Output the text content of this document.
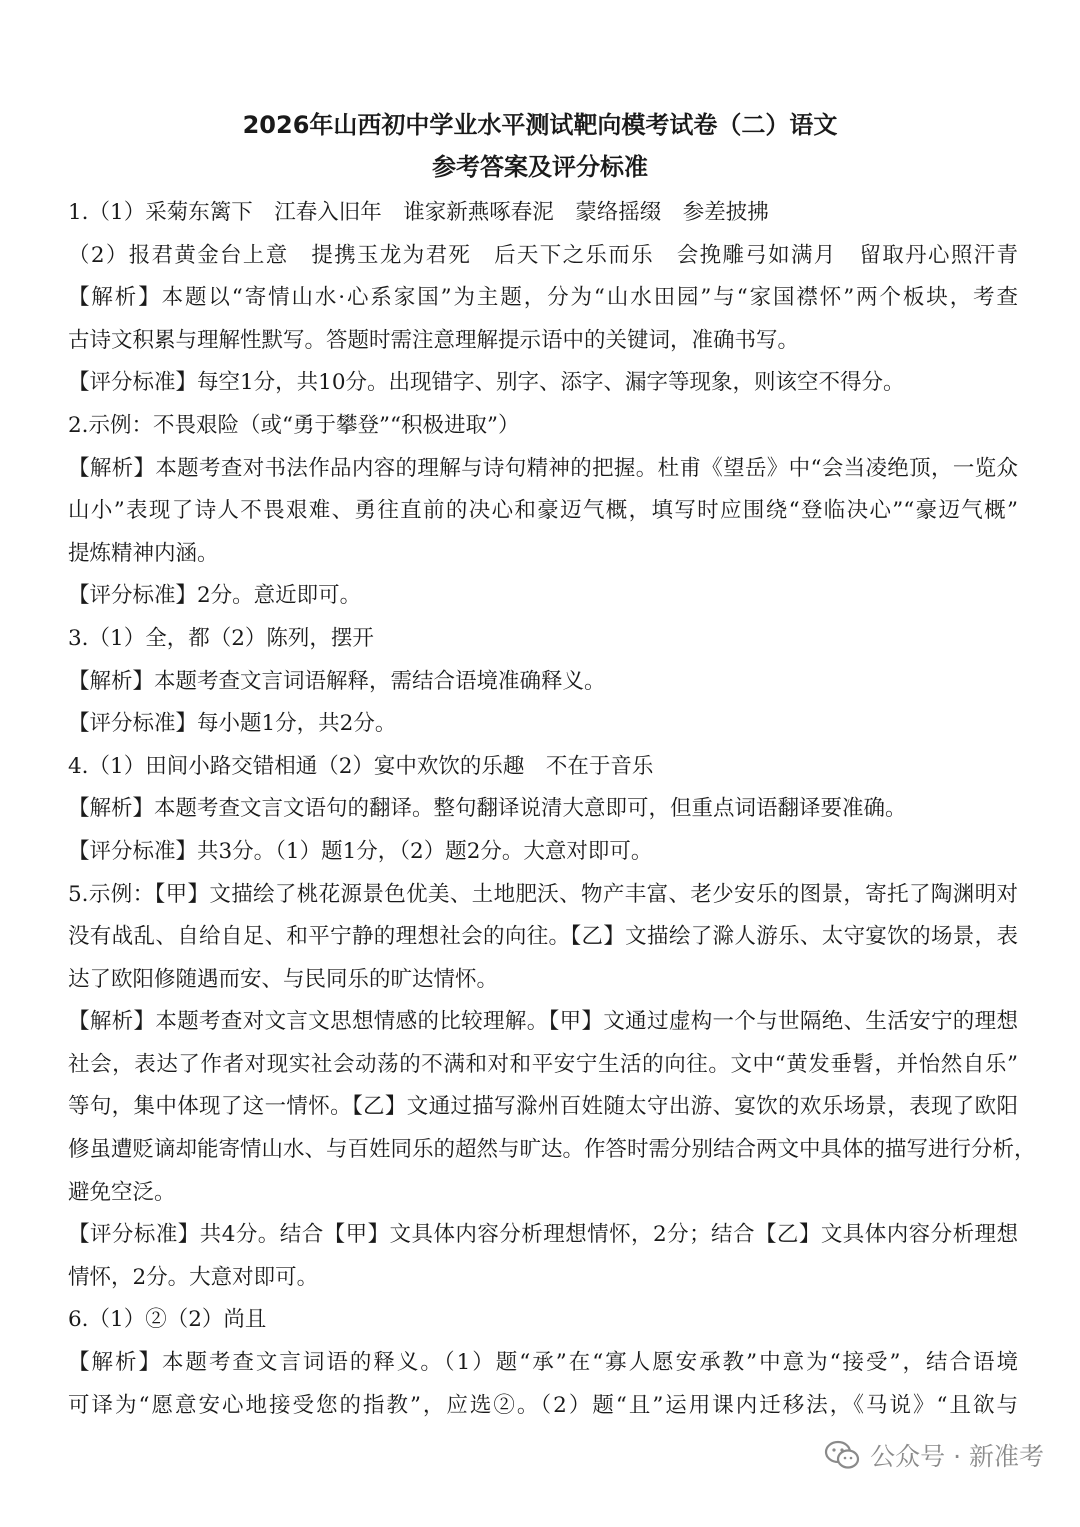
2026年山西初中学业水平测试靶向模考试卷（二）语文
参考答案及评分标准
1.（1）采菊东篱下　江春入旧年　谁家新燕啄春泥　蒙络摇缀　参差披拂
（2）报君黄金台上意　提携玉龙为君死　后天下之乐而乐　会挽雕弓如满月　留取丹心照汗青
【解析】本题以“寄情山水·心系家国”为主题，分为“山水田园”与“家国襟怀”两个板块，考查
古诗文积累与理解性默写。答题时需注意理解提示语中的关键词，准确书写。
【评分标准】每空1分，共10分。出现错字、别字、添字、漏字等现象，则该空不得分。
2.示例：不畏艰险（或“勇于攀登”“积极进取”）
【解析】本题考查对书法作品内容的理解与诗句精神的把握。杜甫《望岳》中“会当凌绝顶，一览众
山小”表现了诗人不畏艰难、勇往直前的决心和豪迈气概，填写时应围绕“登临决心”“豪迈气概”
提炼精神内涵。
【评分标准】2分。意近即可。
3.（1）全，都（2）陈列，摆开
【解析】本题考查文言词语解释，需结合语境准确释义。
【评分标准】每小题1分，共2分。
4.（1）田间小路交错相通（2）宴中欢饮的乐趣　不在于音乐
【解析】本题考查文言文语句的翻译。整句翻译说清大意即可，但重点词语翻译要准确。
【评分标准】共3分。（1）题1分，（2）题2分。大意对即可。
5.示例：【甲】文描绘了桃花源景色优美、土地肥沃、物产丰富、老少安乐的图景，寄托了陶渊明对
没有战乱、自给自足、和平宁静的理想社会的向往。【乙】文描绘了滁人游乐、太守宴饮的场景，表
达了欧阳修随遇而安、与民同乐的旷达情怀。
【解析】本题考查对文言文思想情感的比较理解。【甲】文通过虚构一个与世隔绝、生活安宁的理想
社会，表达了作者对现实社会动荡的不满和对和平安宁生活的向往。文中“黄发垂髫，并怡然自乐”
等句，集中体现了这一情怀。【乙】文通过描写滁州百姓随太守出游、宴饮的欢乐场景，表现了欧阳
修虽遭贬谪却能寄情山水、与百姓同乐的超然与旷达。作答时需分别结合两文中具体的描写进行分析，
避免空泛。
【评分标准】共4分。结合【甲】文具体内容分析理想情怀，2分；结合【乙】文具体内容分析理想
情怀，2分。大意对即可。
6.（1）②（2）尚且
【解析】本题考查文言词语的释义。（1）题“承”在“寡人愿安承教”中意为“接受”，结合语境
可译为“愿意安心地接受您的指教”，应选②。（2）题“且”运用课内迁移法，《马说》“且欲与
公众号 · 新准考
